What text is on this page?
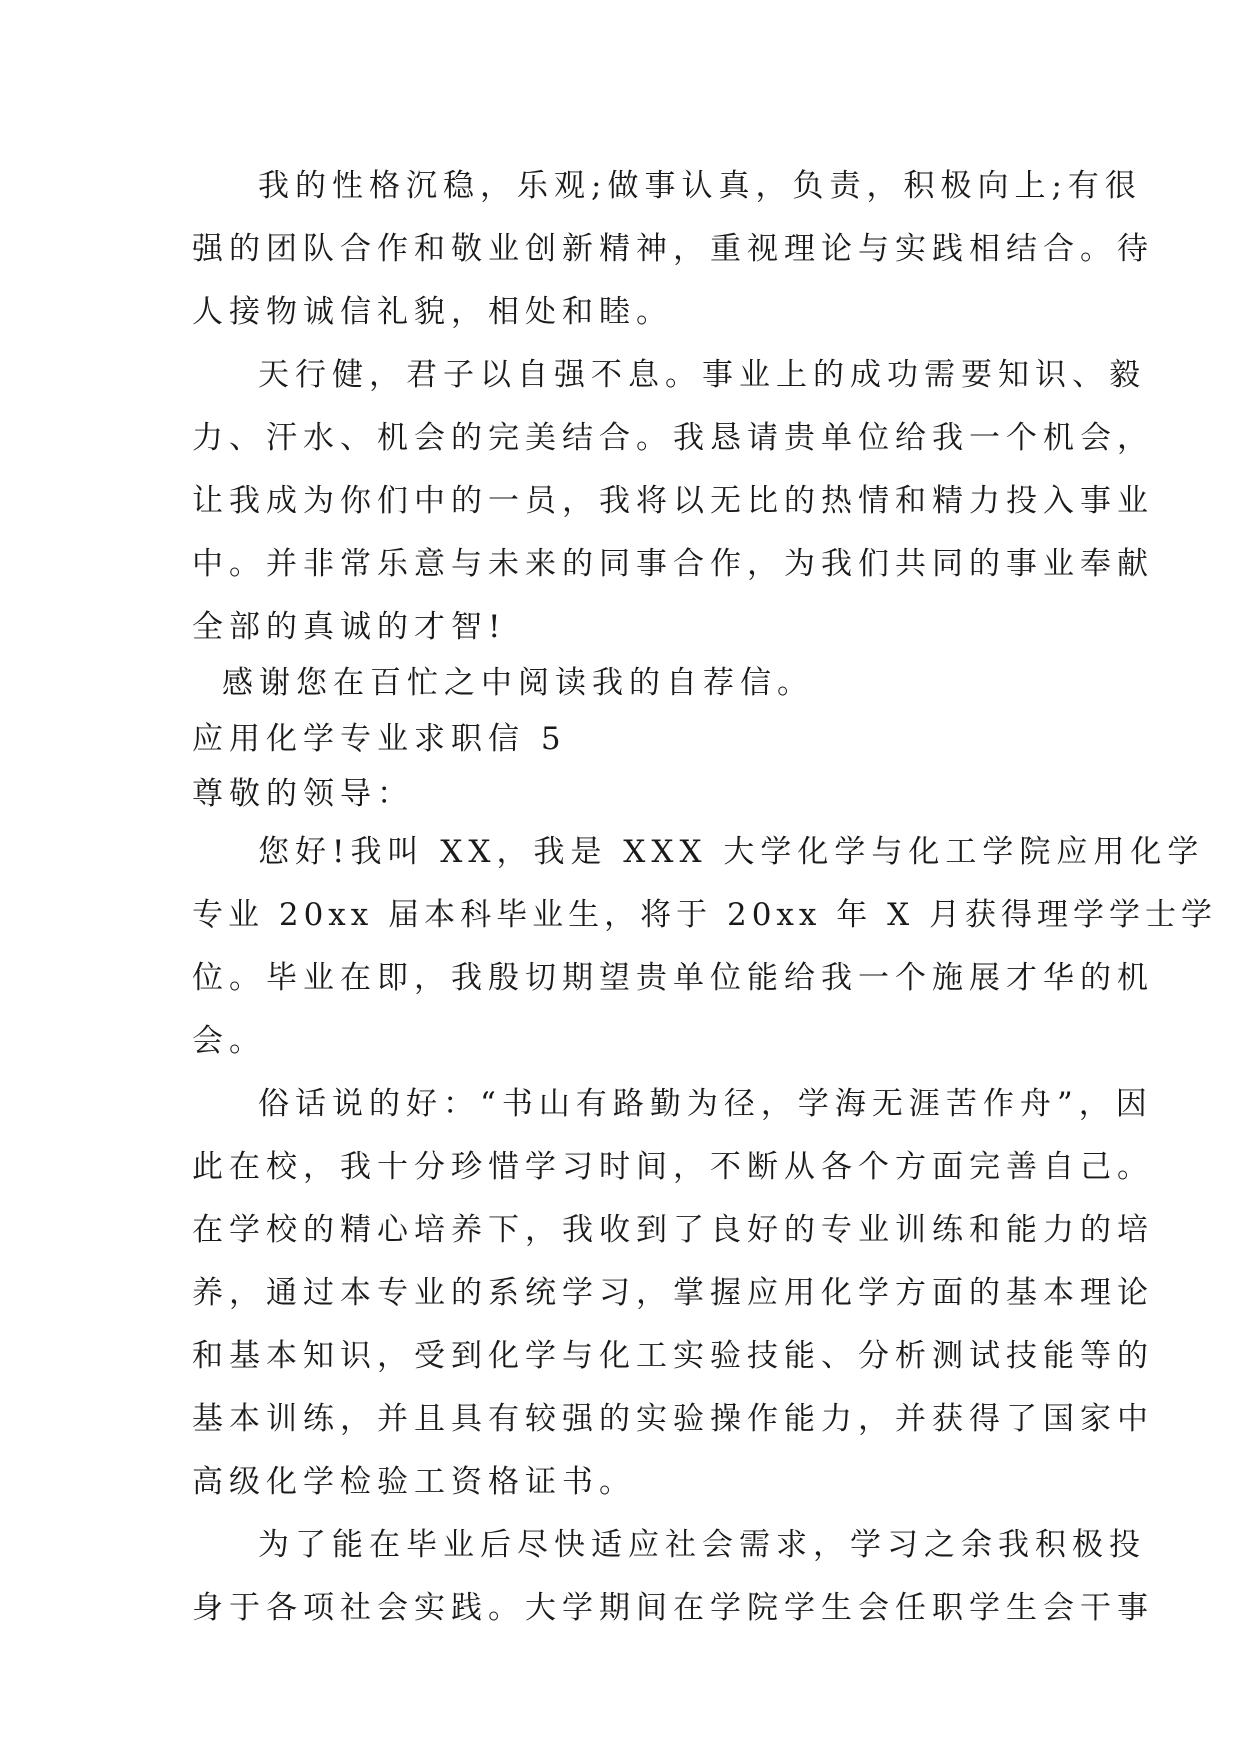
我的性格沉稳，乐观;做事认真，负责，积极向上;有很
强的团队合作和敬业创新精神，重视理论与实践相结合。待
人接物诚信礼貌，相处和睦。
天行健，君子以自强不息。事业上的成功需要知识、毅
力、汗水、机会的完美结合。我恳请贵单位给我一个机会，
让我成为你们中的一员，我将以无比的热情和精力投入事业
中。并非常乐意与未来的同事合作，为我们共同的事业奉献
全部的真诚的才智!
感谢您在百忙之中阅读我的自荐信。
应用化学专业求职信 5
尊敬的领导：
您好!我叫 XX，我是 XXX 大学化学与化工学院应用化学
专业 20xx 届本科毕业生，将于 20xx 年 X 月获得理学学士学
位。毕业在即，我殷切期望贵单位能给我一个施展才华的机
会。
俗话说的好：“书山有路勤为径，学海无涯苦作舟”，因
此在校，我十分珍惜学习时间，不断从各个方面完善自己。
在学校的精心培养下，我收到了良好的专业训练和能力的培
养，通过本专业的系统学习，掌握应用化学方面的基本理论
和基本知识，受到化学与化工实验技能、分析测试技能等的
基本训练，并且具有较强的实验操作能力，并获得了国家中
高级化学检验工资格证书。
为了能在毕业后尽快适应社会需求，学习之余我积极投
身于各项社会实践。大学期间在学院学生会任职学生会干事
